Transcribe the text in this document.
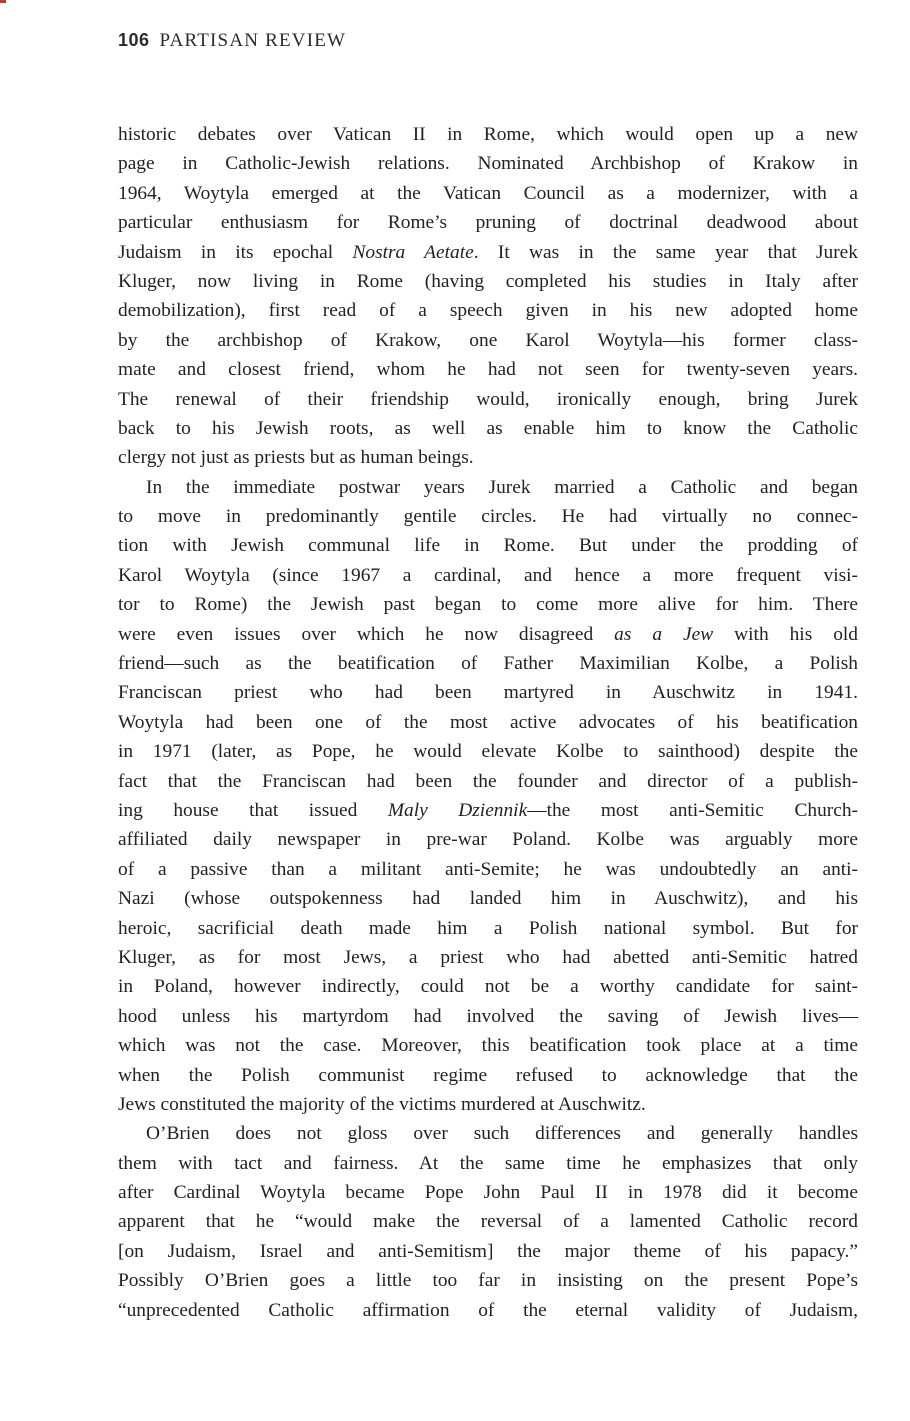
106 PARTISAN REVIEW
historic debates over Vatican II in Rome, which would open up a new
page in Catholic-Jewish relations. Nominated Archbishop of Krakow in
1964, Woytyla emerged at the Vatican Council as a modernizer, with a
particular enthusiasm for Rome’s pruning of doctrinal deadwood about
Judaism in its epochal Nostra Aetate. It was in the same year that Jurek
Kluger, now living in Rome (having completed his studies in Italy after
demobilization), first read of a speech given in his new adopted home
by the archbishop of Krakow, one Karol Woytyla—his former class-
mate and closest friend, whom he had not seen for twenty-seven years.
The renewal of their friendship would, ironically enough, bring Jurek
back to his Jewish roots, as well as enable him to know the Catholic
clergy not just as priests but as human beings.
In the immediate postwar years Jurek married a Catholic and began
to move in predominantly gentile circles. He had virtually no connec-
tion with Jewish communal life in Rome. But under the prodding of
Karol Woytyla (since 1967 a cardinal, and hence a more frequent visi-
tor to Rome) the Jewish past began to come more alive for him. There
were even issues over which he now disagreed as a Jew with his old
friend—such as the beatification of Father Maximilian Kolbe, a Polish
Franciscan priest who had been martyred in Auschwitz in 1941.
Woytyla had been one of the most active advocates of his beatification
in 1971 (later, as Pope, he would elevate Kolbe to sainthood) despite the
fact that the Franciscan had been the founder and director of a publish-
ing house that issued Maly Dziennik—the most anti-Semitic Church-
affiliated daily newspaper in pre-war Poland. Kolbe was arguably more
of a passive than a militant anti-Semite; he was undoubtedly an anti-
Nazi (whose outspokenness had landed him in Auschwitz), and his
heroic, sacrificial death made him a Polish national symbol. But for
Kluger, as for most Jews, a priest who had abetted anti-Semitic hatred
in Poland, however indirectly, could not be a worthy candidate for saint-
hood unless his martyrdom had involved the saving of Jewish lives—
which was not the case. Moreover, this beatification took place at a time
when the Polish communist regime refused to acknowledge that the
Jews constituted the majority of the victims murdered at Auschwitz.
O’Brien does not gloss over such differences and generally handles
them with tact and fairness. At the same time he emphasizes that only
after Cardinal Woytyla became Pope John Paul II in 1978 did it become
apparent that he “would make the reversal of a lamented Catholic record
[on Judaism, Israel and anti-Semitism] the major theme of his papacy.”
Possibly O’Brien goes a little too far in insisting on the present Pope’s
“unprecedented Catholic affirmation of the eternal validity of Judaism,
